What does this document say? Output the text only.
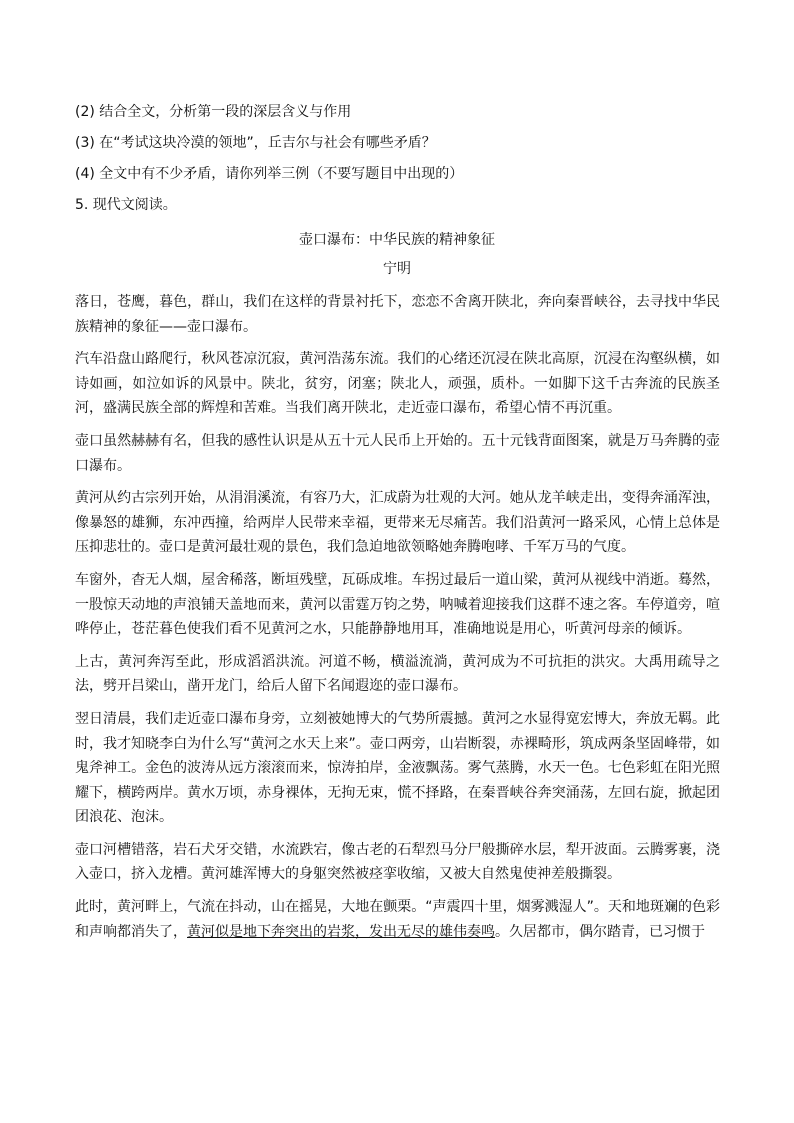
(2) 结合全文，分析第一段的深层含义与作用
(3) 在“考试这块冷漠的领地”，丘吉尔与社会有哪些矛盾？
(4) 全文中有不少矛盾，请你列举三例（不要写题目中出现的）
5. 现代文阅读。
壶口瀑布：中华民族的精神象征
宁明

落日，苍鹰，暮色，群山，我们在这样的背景衬托下，恋恋不舍离开陕北，奔向秦晋峡谷，去寻找中华民族精神的象征——壶口瀑布。

汽车沿盘山路爬行，秋风苍凉沉寂，黄河浩荡东流。我们的心绪还沉浸在陕北高原，沉浸在沟壑纵横，如诗如画，如泣如诉的风景中。陕北，贫穷，闭塞；陕北人，顽强，质朴。一如脚下这千古奔流的民族圣河，盛满民族全部的辉煌和苦难。当我们离开陕北，走近壶口瀑布，希望心情不再沉重。

壶口虽然赫赫有名，但我的感性认识是从五十元人民币上开始的。五十元钱背面图案，就是万马奔腾的壶口瀑布。

黄河从约古宗列开始，从涓涓溪流，有容乃大，汇成蔚为壮观的大河。她从龙羊峡走出，变得奔涌浑浊，像暴怒的雄狮，东冲西撞，给两岸人民带来幸福，更带来无尽痛苦。我们沿黄河一路采风，心情上总体是压抑悲壮的。壶口是黄河最壮观的景色，我们急迫地欲领略她奔腾咆哮、千军万马的气度。

车窗外，杳无人烟，屋舍稀落，断垣残壁，瓦砾成堆。车拐过最后一道山梁，黄河从视线中消逝。蓦然，一股惊天动地的声浪铺天盖地而来，黄河以雷霆万钧之势，呐喊着迎接我们这群不速之客。车停道旁，喧哗停止，苍茫暮色使我们看不见黄河之水，只能静静地用耳，准确地说是用心，听黄河母亲的倾诉。

上古，黄河奔泻至此，形成滔滔洪流。河道不畅，横溢流淌，黄河成为不可抗拒的洪灾。大禹用疏导之法，劈开吕梁山，凿开龙门，给后人留下名闻遐迩的壶口瀑布。

翌日清晨，我们走近壶口瀑布身旁，立刻被她博大的气势所震撼。黄河之水显得宽宏博大，奔放无羁。此时，我才知晓李白为什么写“黄河之水天上来”。壶口两旁，山岩断裂，赤裸畸形，筑成两条坚固峰带，如鬼斧神工。金色的波涛从远方滚滚而来，惊涛拍岸，金液飘荡。雾气蒸腾，水天一色。七色彩虹在阳光照耀下，横跨两岸。黄水万顷，赤身裸体，无拘无束，慌不择路，在秦晋峡谷奔突涌荡，左回右旋，掀起团团浪花、泡沫。

壶口河槽错落，岩石犬牙交错，水流跌宕，像古老的石犁烈马分尸般撕碎水层，犁开波面。云腾雾裹，浇入壶口，挤入龙槽。黄河雄浑博大的身躯突然被痉挛收缩，又被大自然鬼使神差般撕裂。

此时，黄河畔上，气流在抖动，山在摇晃，大地在颤栗。“声震四十里，烟雾溅湿人”。天和地斑斓的色彩和声响都消失了，黄河似是地下奔突出的岩浆，发出无尽的雄伟奏鸣。久居都市，偶尔踏青，已习惯于
